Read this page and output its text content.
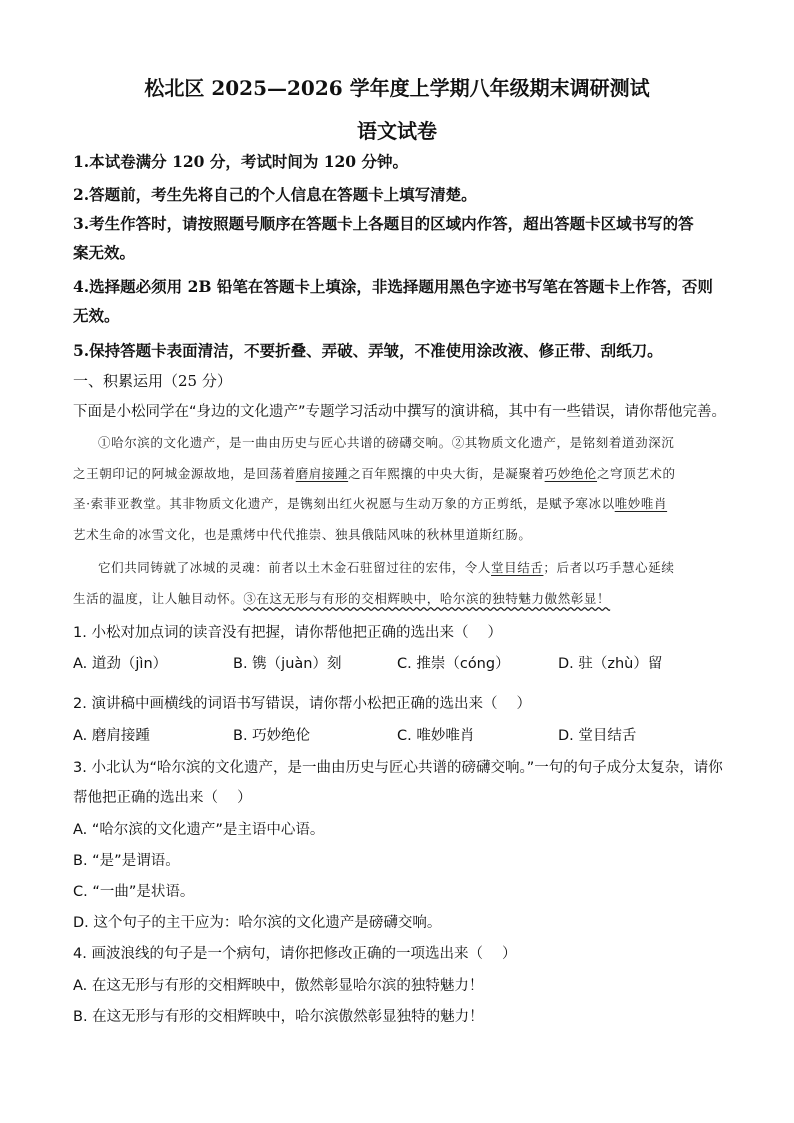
松北区 2025—2026 学年度上学期八年级期末调研测试
语文试卷
1.本试卷满分 120 分，考试时间为 120 分钟。
2.答题前，考生先将自己的个人信息在答题卡上填写清楚。
3.考生作答时，请按照题号顺序在答题卡上各题目的区域内作答，超出答题卡区域书写的答
案无效。
4.选择题必须用 2B 铅笔在答题卡上填涂，非选择题用黑色字迹书写笔在答题卡上作答，否则
无效。
5.保持答题卡表面清洁，不要折叠、弄破、弄皱，不准使用涂改液、修正带、刮纸刀。
一、积累运用（25 分）
下面是小松同学在“身边的文化遗产”专题学习活动中撰写的演讲稿，其中有一些错误，请你帮他完善。
①哈尔滨的文化遗产，是一曲由历史与匠心共谱的磅礴交响。②其物质文化遗产，是铭刻着道劲深沉
之王朝印记的阿城金源故地，是回荡着磨肩接踵之百年熙攘的中央大街，是凝聚着巧妙绝伦之穹顶艺术的
圣·索菲亚教堂。其非物质文化遗产，是镌刻出红火祝愿与生动万象的方正剪纸，是赋予寒冰以唯妙唯肖
艺术生命的冰雪文化，也是熏烤中代代推崇、独具俄陆风味的秋林里道斯红肠。
它们共同铸就了冰城的灵魂：前者以土木金石驻留过往的宏伟，令人堂目结舌；后者以巧手慧心延续
生活的温度，让人触目动怀。③在这无形与有形的交相辉映中，哈尔滨的独特魅力傲然彰显！
1. 小松对加点词的读音没有把握，请你帮他把正确的选出来（　 ）
A. 道劲（jìn）	B. 镌（juàn）刻	C. 推崇（cóng）	D. 驻（zhù）留
2. 演讲稿中画横线的词语书写错误，请你帮小松把正确的选出来（　 ）
A. 磨肩接踵	B. 巧妙绝伦	C. 唯妙唯肖	D. 堂目结舌
3. 小北认为“哈尔滨的文化遗产，是一曲由历史与匠心共谱的磅礴交响。”一句的句子成分太复杂，请你
帮他把正确的选出来（　 ）
A. “哈尔滨的文化遗产”是主语中心语。
B. “是”是谓语。
C. “一曲”是状语。
D. 这个句子的主干应为：哈尔滨的文化遗产是磅礴交响。
4. 画波浪线的句子是一个病句，请你把修改正确的一项选出来（　 ）
A. 在这无形与有形的交相辉映中，傲然彰显哈尔滨的独特魅力！
B. 在这无形与有形的交相辉映中，哈尔滨傲然彰显独特的魅力！
